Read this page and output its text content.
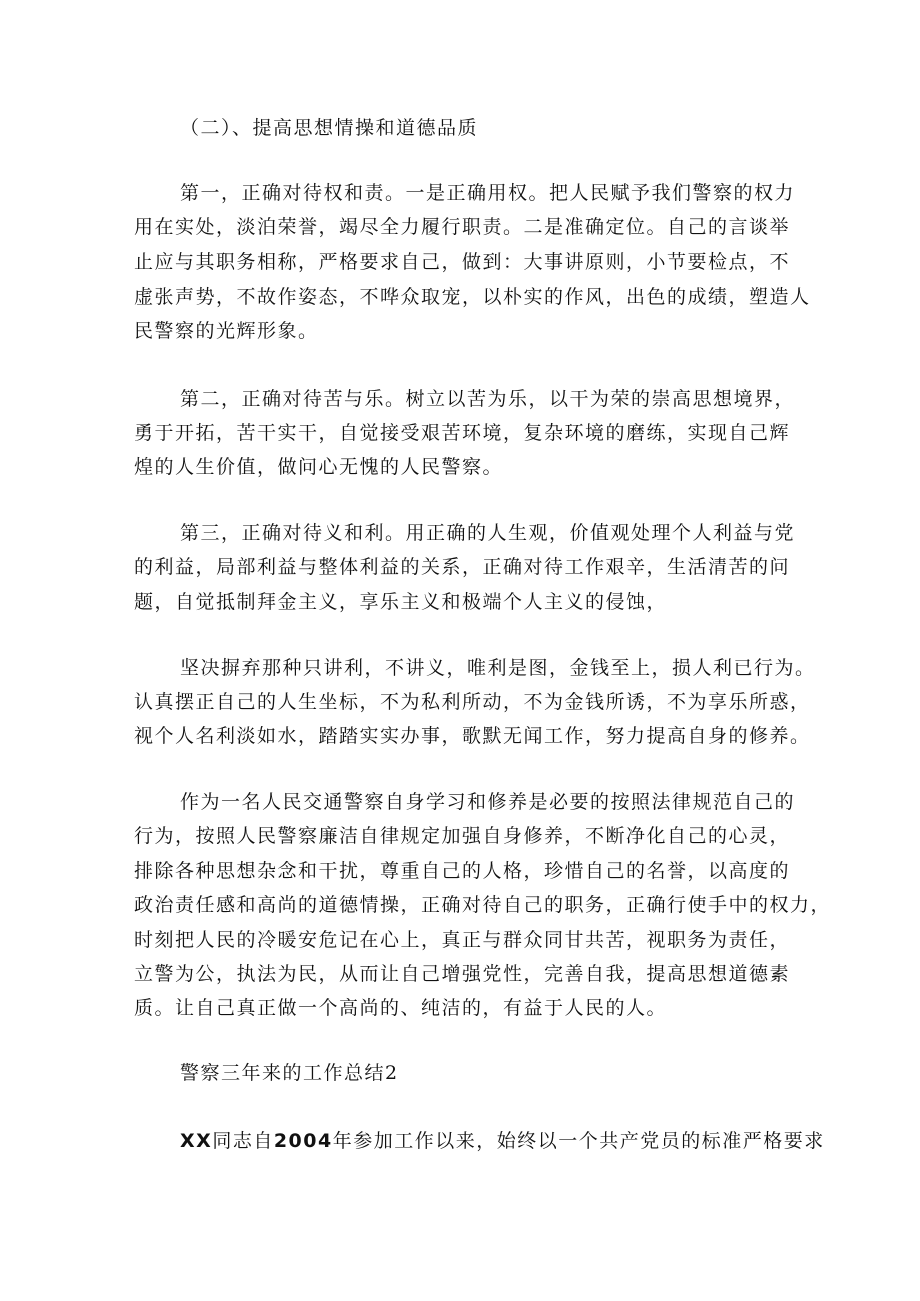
（二）、提高思想情操和道德品质
第一，正确对待权和责。一是正确用权。把人民赋予我们警察的权力
用在实处，淡泊荣誉，竭尽全力履行职责。二是准确定位。自己的言谈举
止应与其职务相称，严格要求自己，做到：大事讲原则，小节要检点，不
虚张声势，不故作姿态，不哗众取宠，以朴实的作风，出色的成绩，塑造人
民警察的光辉形象。
第二，正确对待苦与乐。树立以苦为乐，以干为荣的崇高思想境界，
勇于开拓，苦干实干，自觉接受艰苦环境，复杂环境的磨练，实现自己辉
煌的人生价值，做问心无愧的人民警察。
第三，正确对待义和利。用正确的人生观，价值观处理个人利益与党
的利益，局部利益与整体利益的关系，正确对待工作艰辛，生活清苦的问
题，自觉抵制拜金主义，享乐主义和极端个人主义的侵蚀，
坚决摒弃那种只讲利，不讲义，唯利是图，金钱至上，损人利已行为。
认真摆正自己的人生坐标，不为私利所动，不为金钱所诱，不为享乐所惑，
视个人名利淡如水，踏踏实实办事，歌默无闻工作，努力提高自身的修养。
作为一名人民交通警察自身学习和修养是必要的按照法律规范自己的
行为，按照人民警察廉洁自律规定加强自身修养，不断净化自己的心灵，
排除各种思想杂念和干扰，尊重自己的人格，珍惜自己的名誉，以高度的
政治责任感和高尚的道德情操，正确对待自己的职务，正确行使手中的权力，
时刻把人民的冷暖安危记在心上，真正与群众同甘共苦，视职务为责任，
立警为公，执法为民，从而让自己增强党性，完善自我，提高思想道德素
质。让自己真正做一个高尚的、纯洁的，有益于人民的人。
警察三年来的工作总结2
XX同志自2004年参加工作以来，始终以一个共产党员的标准严格要求
